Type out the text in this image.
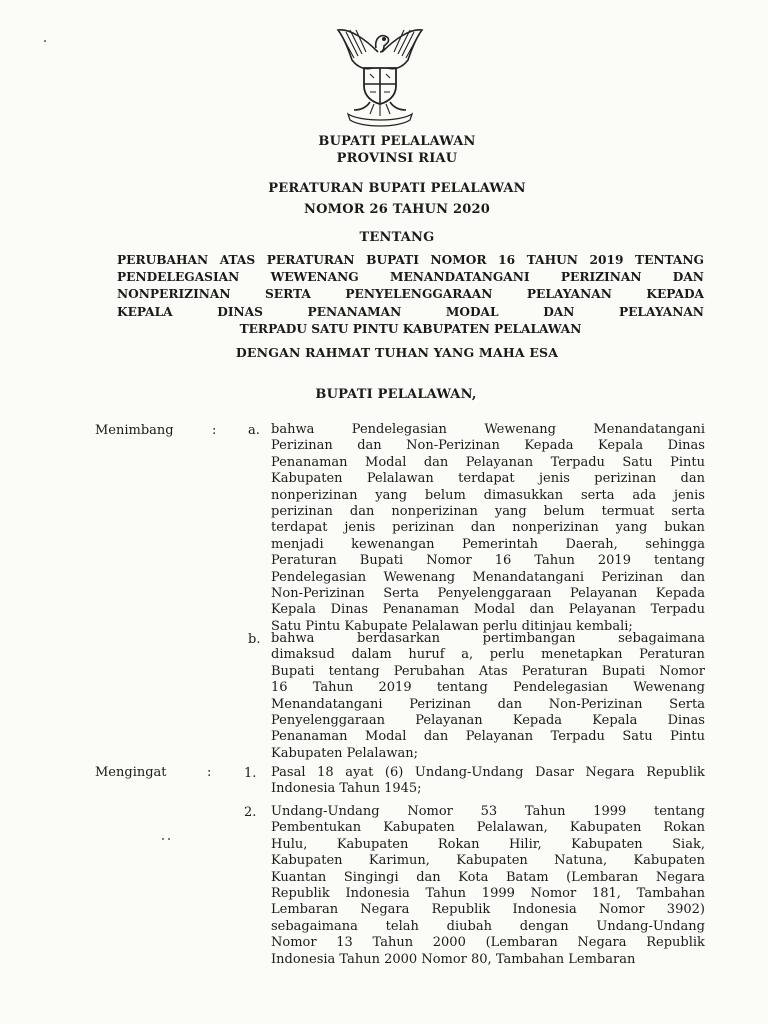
BUPATI PELALAWAN
PROVINSI RIAU
PERATURAN BUPATI PELALAWAN
NOMOR 26 TAHUN 2020
TENTANG
PERUBAHAN ATAS PERATURAN BUPATI NOMOR 16 TAHUN 2019 TENTANG
PENDELEGASIAN	WEWENANG	MENANDATANGANI	PERIZINAN	DAN
NONPERIZINAN	SERTA	PENYELENGGARAAN	PELAYANAN	KEPADA
KEPALA	DINAS	PENANAMAN	MODAL	DAN	PELAYANAN
TERPADU SATU PINTU KABUPATEN PELALAWAN
DENGAN RAHMAT TUHAN YANG MAHA ESA
BUPATI PELALAWAN,
Menimbang	: a. bahwa	Pendelegasian	Wewenang	Menandatangani
Perizinan dan Non-Perizinan Kepada Kepala Dinas
Penanaman Modal dan Pelayanan Terpadu Satu Pintu
Kabupaten Pelalawan terdapat jenis perizinan dan
nonperizinan yang belum dimasukkan serta ada jenis
perizinan dan nonperizinan yang belum termuat serta
terdapat jenis perizinan dan nonperizinan yang bukan
menjadi kewenangan Pemerintah Daerah, sehingga
Peraturan Bupati Nomor 16 Tahun 2019 tentang
Pendelegasian Wewenang Menandatangani Perizinan dan
Non-Perizinan Serta Penyelenggaraan Pelayanan Kepada
Kepala Dinas Penanaman Modal dan Pelayanan Terpadu
Satu Pintu Kabupate Pelalawan perlu ditinjau kembali;
b. bahwa	berdasarkan	pertimbangan	sebagaimana
dimaksud dalam huruf a, perlu menetapkan Peraturan
Bupati tentang Perubahan Atas Peraturan Bupati Nomor
16 Tahun 2019 tentang Pendelegasian Wewenang
Menandatangani Perizinan dan Non-Perizinan Serta
Penyelenggaraan Pelayanan Kepada Kepala Dinas
Penanaman Modal dan Pelayanan Terpadu Satu Pintu
Kabupaten Pelalawan;
Mengingat	:	1. Pasal 18 ayat (6) Undang-Undang Dasar Negara Republik
Indonesia Tahun 1945;
2. Undang-Undang Nomor 53 Tahun 1999 tentang
Pembentukan Kabupaten Pelalawan, Kabupaten Rokan
Hulu, Kabupaten Rokan Hilir, Kabupaten Siak,
Kabupaten Karimun, Kabupaten Natuna, Kabupaten
Kuantan Singingi dan Kota Batam (Lembaran Negara
Republik Indonesia Tahun 1999 Nomor 181, Tambahan
Lembaran Negara Republik Indonesia Nomor 3902)
sebagaimana telah diubah dengan Undang-Undang
Nomor 13 Tahun 2000 (Lembaran Negara Republik
Indonesia Tahun 2000 Nomor 80, Tambahan Lembaran
